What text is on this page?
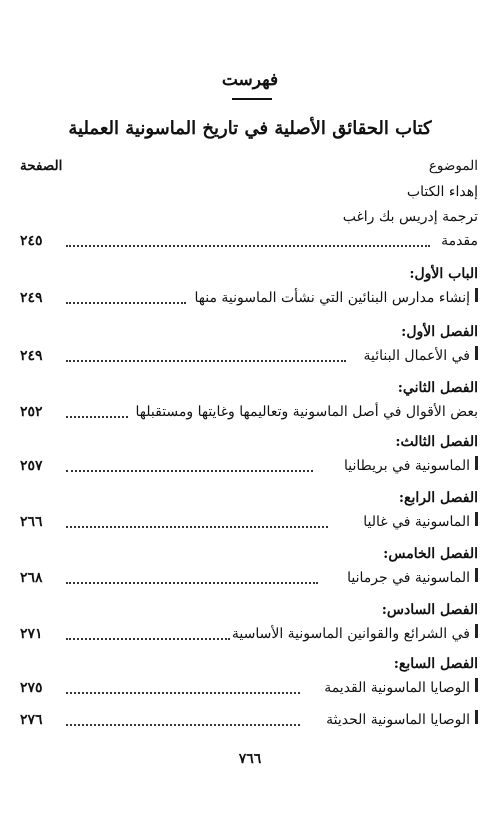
فهرست
كتاب الحقائق الأصلية في تاريخ الماسونية العملية
الموضوع
الصفحة
إهداء الكتاب
ترجمة إدريس بك راغب
مقدمة
٢٤٥
الباب الأول:
إنشاء مدارس البنائين التي نشأت الماسونية منها
٢٤٩
الفصل الأول:
في الأعمال البنائية
٢٤٩
الفصل الثاني:
بعض الأقوال في أصل الماسونية وتعاليمها وغايتها ومستقبلها
٢٥٢
الفصل الثالث:
الماسونية في بريطانيا
٢٥٧
الفصل الرابع:
الماسونية في غاليا
٢٦٦
الفصل الخامس:
الماسونية في جرمانيا
٢٦٨
الفصل السادس:
في الشرائع والقوانين الماسونية الأساسية
٢٧١
الفصل السابع:
الوصايا الماسونية القديمة
٢٧٥
الوصايا الماسونية الحديثة
٢٧٦
٧٦٦
